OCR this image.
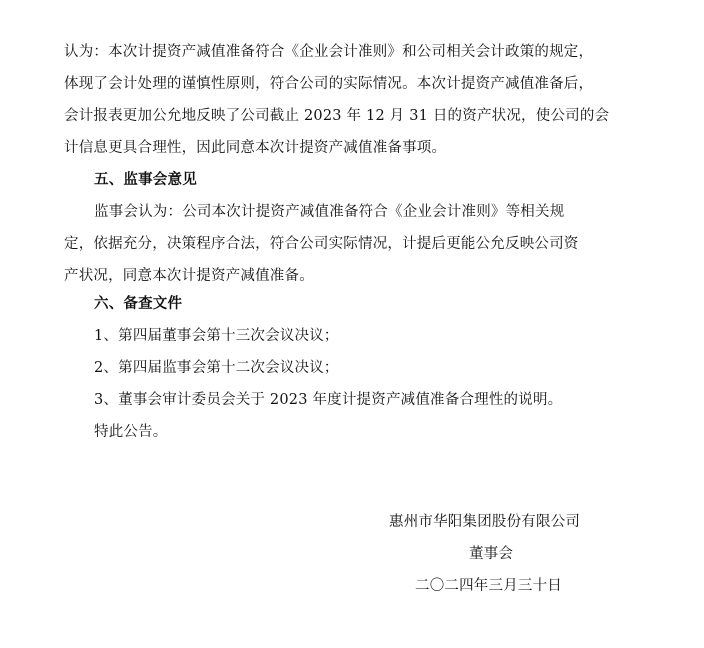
认为：本次计提资产减值准备符合《企业会计准则》和公司相关会计政策的规定，
体现了会计处理的谨慎性原则，符合公司的实际情况。本次计提资产减值准备后，
会计报表更加公允地反映了公司截止 2023 年 12 月 31 日的资产状况，使公司的会
计信息更具合理性，因此同意本次计提资产减值准备事项。
五、监事会意见
监事会认为：公司本次计提资产减值准备符合《企业会计准则》等相关规
定，依据充分，决策程序合法，符合公司实际情况，计提后更能公允反映公司资
产状况，同意本次计提资产减值准备。
六、备查文件
1、第四届董事会第十三次会议决议；
2、第四届监事会第十二次会议决议；
3、董事会审计委员会关于 2023 年度计提资产减值准备合理性的说明。
特此公告。
惠州市华阳集团股份有限公司
董事会
二〇二四年三月三十日
